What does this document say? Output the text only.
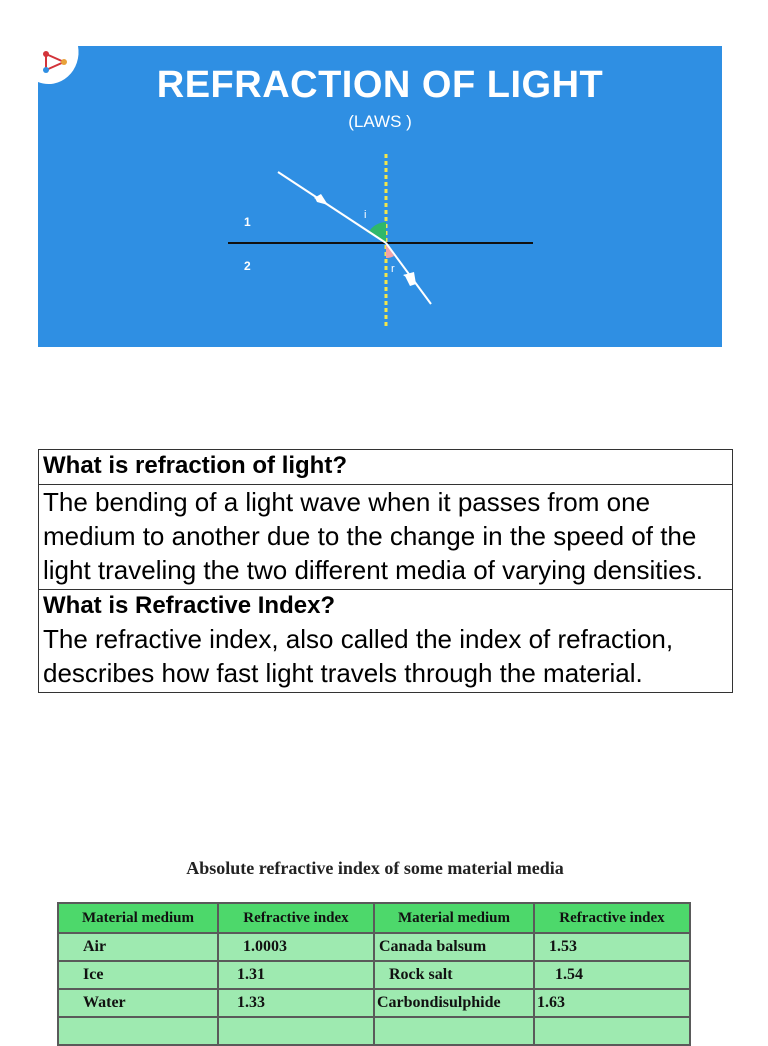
i
r
1
2
REFRACTION OF LIGHT
(LAWS )
What is refraction of light?
The bending of a light wave when it passes from one medium to another due to the change in the speed of the light traveling the two different media of varying densities.
What is Refractive Index?
The refractive index, also called the index of refraction, describes how fast light travels through the material.
Absolute refractive index of some material media
Material medium	Refractive index	Material medium	Refractive index
Air	1.0003	Canada balsum	1.53
Ice	1.31	Rock salt	1.54
Water	1.33	Carbondisulphide	1.63
